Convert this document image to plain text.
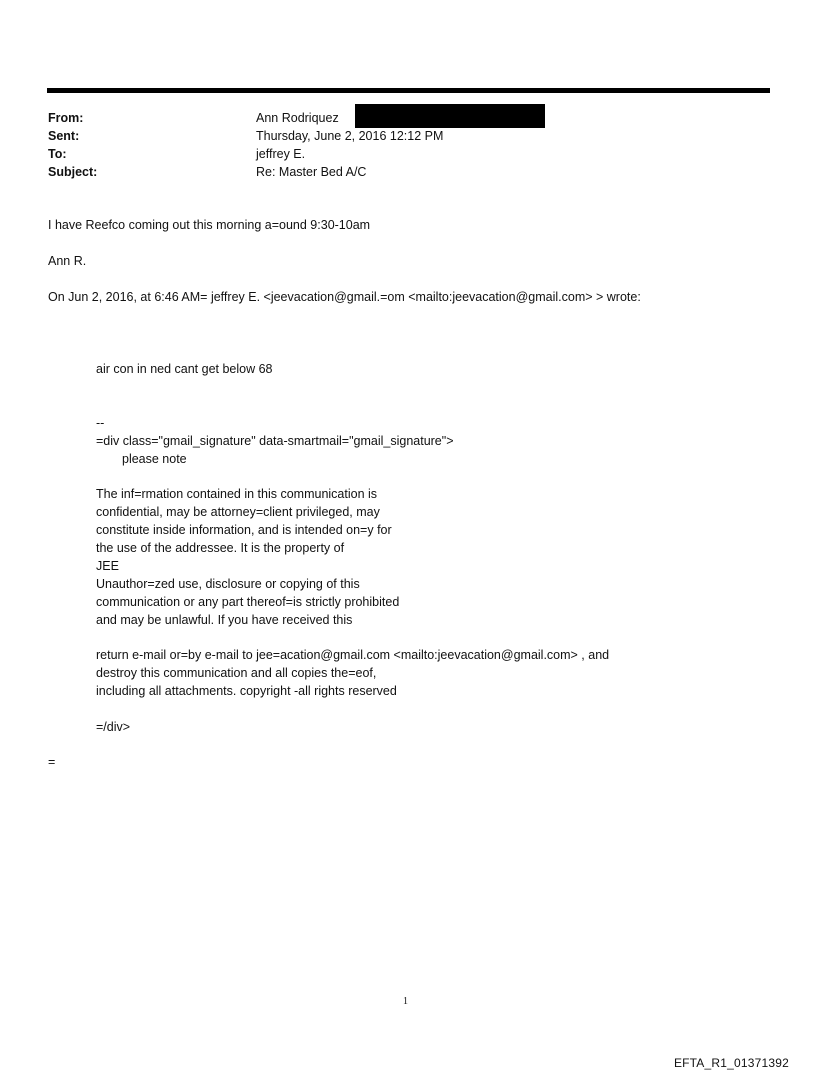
From:	Ann Rodriquez
Sent:	Thursday, June 2, 2016 12:12 PM
To:	jeffrey E.
Subject:	Re: Master Bed A/C
I have Reefco coming out this morning a=ound 9:30-10am
Ann R.
On Jun 2, 2016, at 6:46 AM= jeffrey E. <jeevacation@gmail.=om <mailto:jeevacation@gmail.com> > wrote:
air con in ned cant get below 68
--
=div class="gmail_signature" data-smartmail="gmail_signature">
please note
The inf=rmation contained in this communication is
confidential, may be attorney=client privileged, may
constitute inside information, and is intended on=y for
the use of the addressee. It is the property of
JEE
Unauthor=zed use, disclosure or copying of this
communication or any part thereof=is strictly prohibited
and may be unlawful. If you have received this
return e-mail or=by e-mail to jee=acation@gmail.com <mailto:jeevacation@gmail.com> , and
destroy this communication and all copies the=eof,
including all attachments. copyright -all rights reserved
=/div>
=
1
EFTA_R1_01371392
